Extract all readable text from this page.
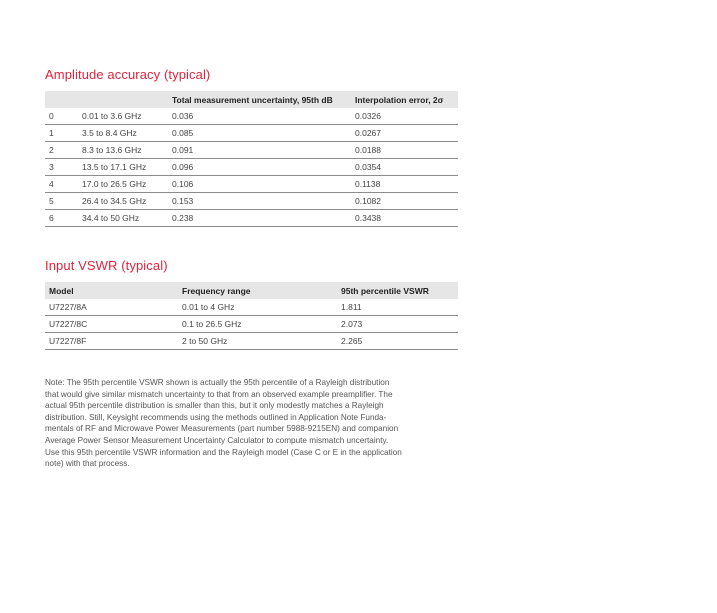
Amplitude accuracy (typical)
		Total measurement uncertainty, 95th dB	Interpolation error, 2σ
0	0.01 to 3.6 GHz	0.036	0.0326
1	3.5 to 8.4 GHz	0.085	0.0267
2	8.3 to 13.6 GHz	0.091	0.0188
3	13.5 to 17.1 GHz	0.096	0.0354
4	17.0 to 26.5 GHz	0.106	0.1138
5	26.4 to 34.5 GHz	0.153	0.1082
6	34.4 to 50 GHz	0.238	0.3438
Input VSWR (typical)
Model	Frequency range	95th percentile VSWR
U7227/8A	0.01 to 4 GHz	1.811
U7227/8C	0.1 to 26.5 GHz	2.073
U7227/8F	2 to 50 GHz	2.265

Note: The 95th percentile VSWR shown is actually the 95th percentile of a Rayleigh distribution
that would give similar mismatch uncertainty to that from an observed example preamplifier. The
actual 95th percentile distribution is smaller than this, but it only modestly matches a Rayleigh
distribution. Still, Keysight recommends using the methods outlined in Application Note Funda-
mentals of RF and Microwave Power Measurements (part number 5988-9215EN) and companion
Average Power Sensor Measurement Uncertainty Calculator to compute mismatch uncertainty.
Use this 95th percentile VSWR information and the Rayleigh model (Case C or E in the application
note) with that process.
